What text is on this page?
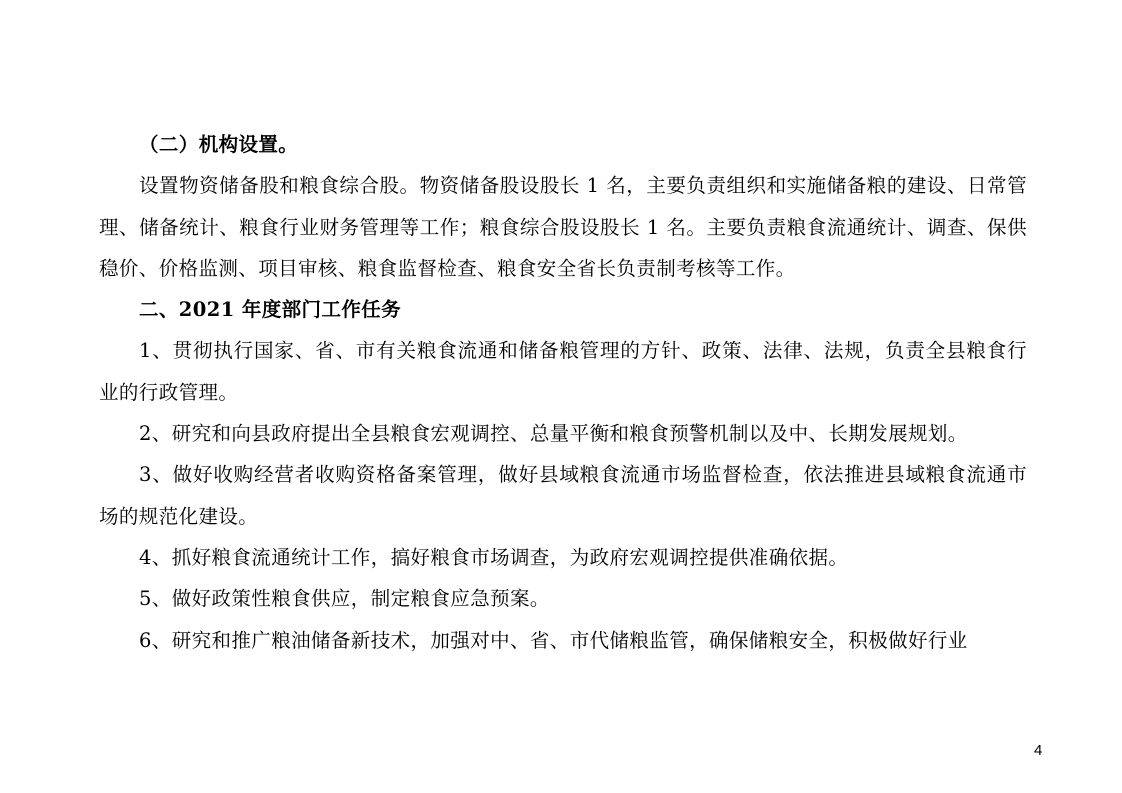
（二）机构设置。

设置物资储备股和粮食综合股。物资储备股设股长 1 名，主要负责组织和实施储备粮的建设、日常管理、储备统计、粮食行业财务管理等工作；粮食综合股设股长 1 名。主要负责粮食流通统计、调查、保供稳价、价格监测、项目审核、粮食监督检查、粮食安全省长负责制考核等工作。

二、2021 年度部门工作任务

1、贯彻执行国家、省、市有关粮食流通和储备粮管理的方针、政策、法律、法规，负责全县粮食行业的行政管理。

2、研究和向县政府提出全县粮食宏观调控、总量平衡和粮食预警机制以及中、长期发展规划。

3、做好收购经营者收购资格备案管理，做好县域粮食流通市场监督检查，依法推进县域粮食流通市场的规范化建设。

4、抓好粮食流通统计工作，搞好粮食市场调查，为政府宏观调控提供准确依据。

5、做好政策性粮食供应，制定粮食应急预案。

6、研究和推广粮油储备新技术，加强对中、省、市代储粮监管，确保储粮安全，积极做好行业

4
